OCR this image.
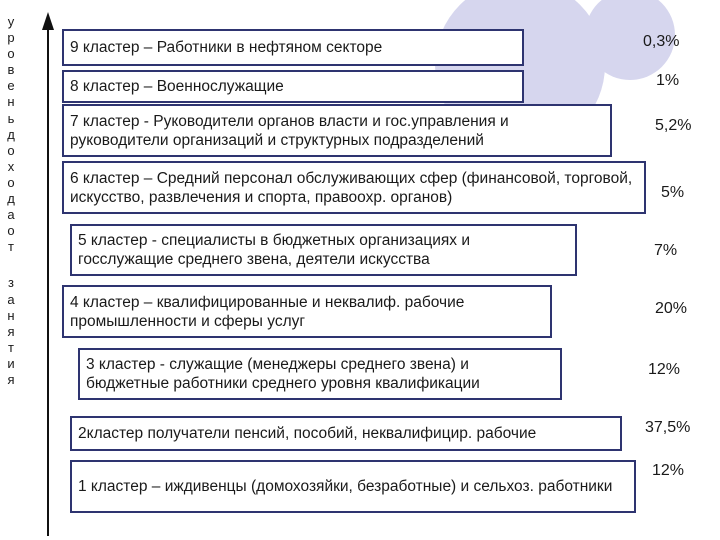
у
р
о
в
е
н
ь
д
о
х
о
д
а
о
т
з
а
н
я
т
и
я
9 кластер – Работники в нефтяном секторе
8 кластер – Военнослужащие
7 кластер - Руководители органов власти и гос.управления и руководители организаций и структурных подразделений
6 кластер – Средний персонал обслуживающих сфер (финансовой, торговой, искусство, развлечения и спорта, правоохр. органов)
5 кластер - специалисты в бюджетных организациях и госслужащие среднего звена, деятели искусства
4 кластер – квалифицированные и неквалиф. рабочие промышленности и сферы услуг
3 кластер - служащие (менеджеры среднего звена) и бюджетные работники среднего уровня квалификации
2кластер получатели пенсий, пособий, неквалифицир. рабочие
1 кластер – иждивенцы (домохозяйки, безработные) и сельхоз. работники
0,3%
1%
5,2%
5%
7%
20%
12%
37,5%
12%
